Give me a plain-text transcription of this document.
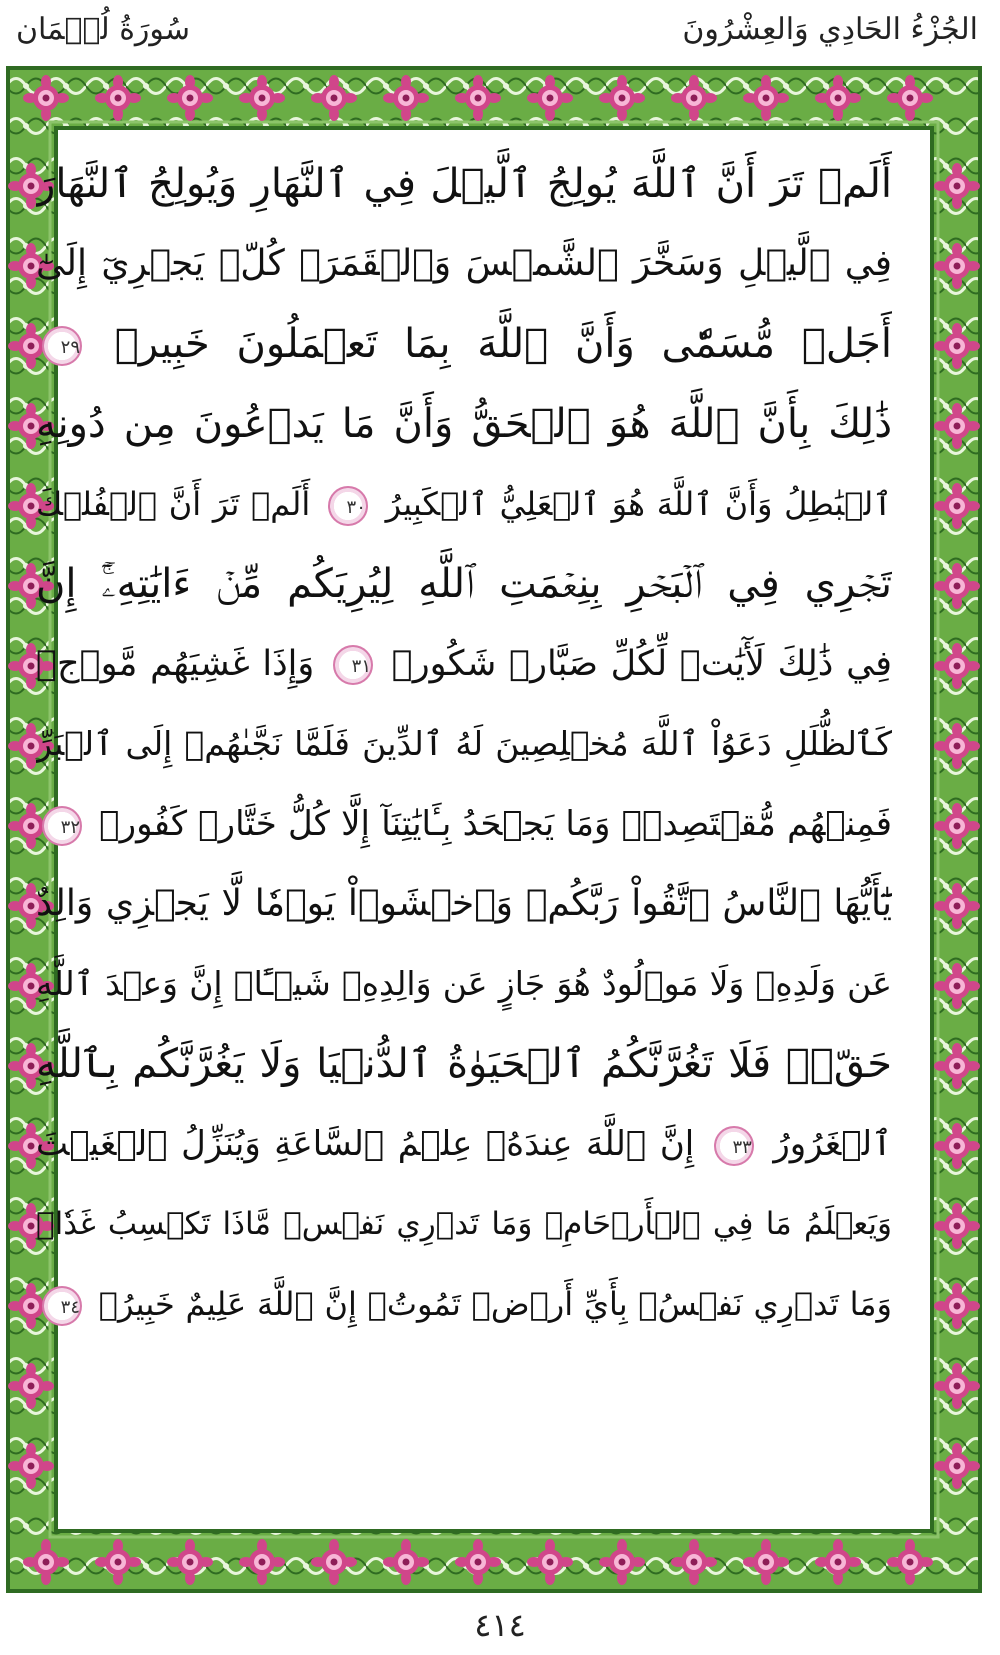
الجُزْءُ الحَادِي وَالعِشْرُونَ
سُورَةُ لُقۡمَان
أَلَمۡ تَرَ أَنَّ ٱللَّهَ يُولِجُ ٱلَّيۡلَ فِي ٱلنَّهَارِ وَيُولِجُ ٱلنَّهَارَ
فِي ٱلَّيۡلِ وَسَخَّرَ ٱلشَّمۡسَ وَٱلۡقَمَرَۖ كُلّٞ يَجۡرِيٓ إِلَىٰٓ
أَجَلٖ مُّسَمّٗى وَأَنَّ ٱللَّهَ بِمَا تَعۡمَلُونَ خَبِيرٞ ٢٩
ذَٰلِكَ بِأَنَّ ٱللَّهَ هُوَ ٱلۡحَقُّ وَأَنَّ مَا يَدۡعُونَ مِن دُونِهِ
ٱلۡبَٰطِلُ وَأَنَّ ٱللَّهَ هُوَ ٱلۡعَلِيُّ ٱلۡكَبِيرُ ٣٠ أَلَمۡ تَرَ أَنَّ ٱلۡفُلۡكَ
تَجۡرِي فِي ٱلۡبَحۡرِ بِنِعۡمَتِ ٱللَّهِ لِيُرِيَكُم مِّنۡ ءَايَٰتِهِۦٓۚ إِنَّ
فِي ذَٰلِكَ لَأٓيَٰتٖ لِّكُلِّ صَبَّارٖ شَكُورٖ ٣١ وَإِذَا غَشِيَهُم مَّوۡجٞ
كَٱلظُّلَلِ دَعَوُاْ ٱللَّهَ مُخۡلِصِينَ لَهُ ٱلدِّينَ فَلَمَّا نَجَّىٰهُمۡ إِلَى ٱلۡبَرِّ
فَمِنۡهُم مُّقۡتَصِدٞۚ وَمَا يَجۡحَدُ بِـَٔايَٰتِنَآ إِلَّا كُلُّ خَتَّارٖ كَفُورٖ ٣٢
يَٰٓأَيُّهَا ٱلنَّاسُ ٱتَّقُواْ رَبَّكُمۡ وَٱخۡشَوۡاْ يَوۡمٗا لَّا يَجۡزِي وَالِدٌ
عَن وَلَدِهِۦ وَلَا مَوۡلُودٌ هُوَ جَازٍ عَن وَالِدِهِۦ شَيۡـًٔاۚ إِنَّ وَعۡدَ ٱللَّهِ
حَقّٞۖ فَلَا تَغُرَّنَّكُمُ ٱلۡحَيَوٰةُ ٱلدُّنۡيَا وَلَا يَغُرَّنَّكُم بِٱللَّهِ
ٱلۡغَرُورُ ٣٣ إِنَّ ٱللَّهَ عِندَهُۥ عِلۡمُ ٱلسَّاعَةِ وَيُنَزِّلُ ٱلۡغَيۡثَ
وَيَعۡلَمُ مَا فِي ٱلۡأَرۡحَامِۖ وَمَا تَدۡرِي نَفۡسٞ مَّاذَا تَكۡسِبُ غَدٗاۖ
وَمَا تَدۡرِي نَفۡسُۢ بِأَيِّ أَرۡضٖ تَمُوتُۚ إِنَّ ٱللَّهَ عَلِيمٌ خَبِيرُۢ ٣٤
٤١٤
